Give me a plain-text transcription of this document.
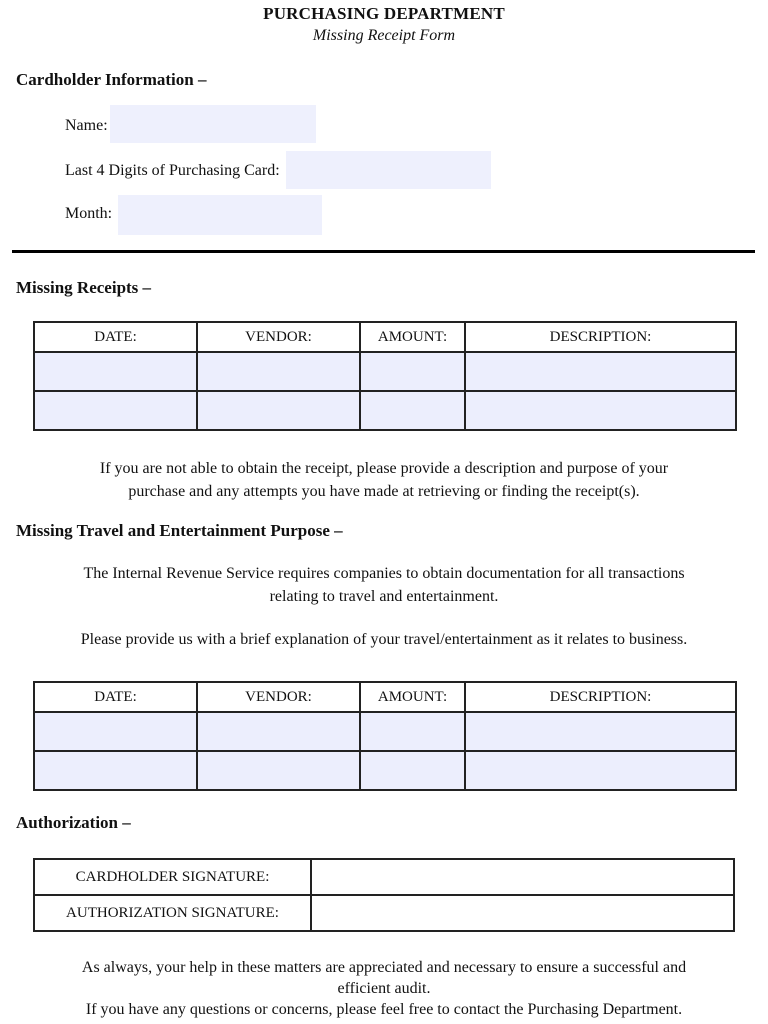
PURCHASING DEPARTMENT
Missing Receipt Form
Cardholder Information –
Name:
Last 4 Digits of Purchasing Card:
Month:
Missing Receipts –
DATE:	VENDOR:	AMOUNT:	DESCRIPTION:

If you are not able to obtain the receipt, please provide a description and purpose of your
purchase and any attempts you have made at retrieving or finding the receipt(s).
Missing Travel and Entertainment Purpose –
The Internal Revenue Service requires companies to obtain documentation for all transactions
relating to travel and entertainment.
Please provide us with a brief explanation of your travel/entertainment as it relates to business.
DATE:	VENDOR:	AMOUNT:	DESCRIPTION:

Authorization –
CARDHOLDER SIGNATURE:	
AUTHORIZATION SIGNATURE:	
As always, your help in these matters are appreciated and necessary to ensure a successful and
efficient audit.
If you have any questions or concerns, please feel free to contact the Purchasing Department.
